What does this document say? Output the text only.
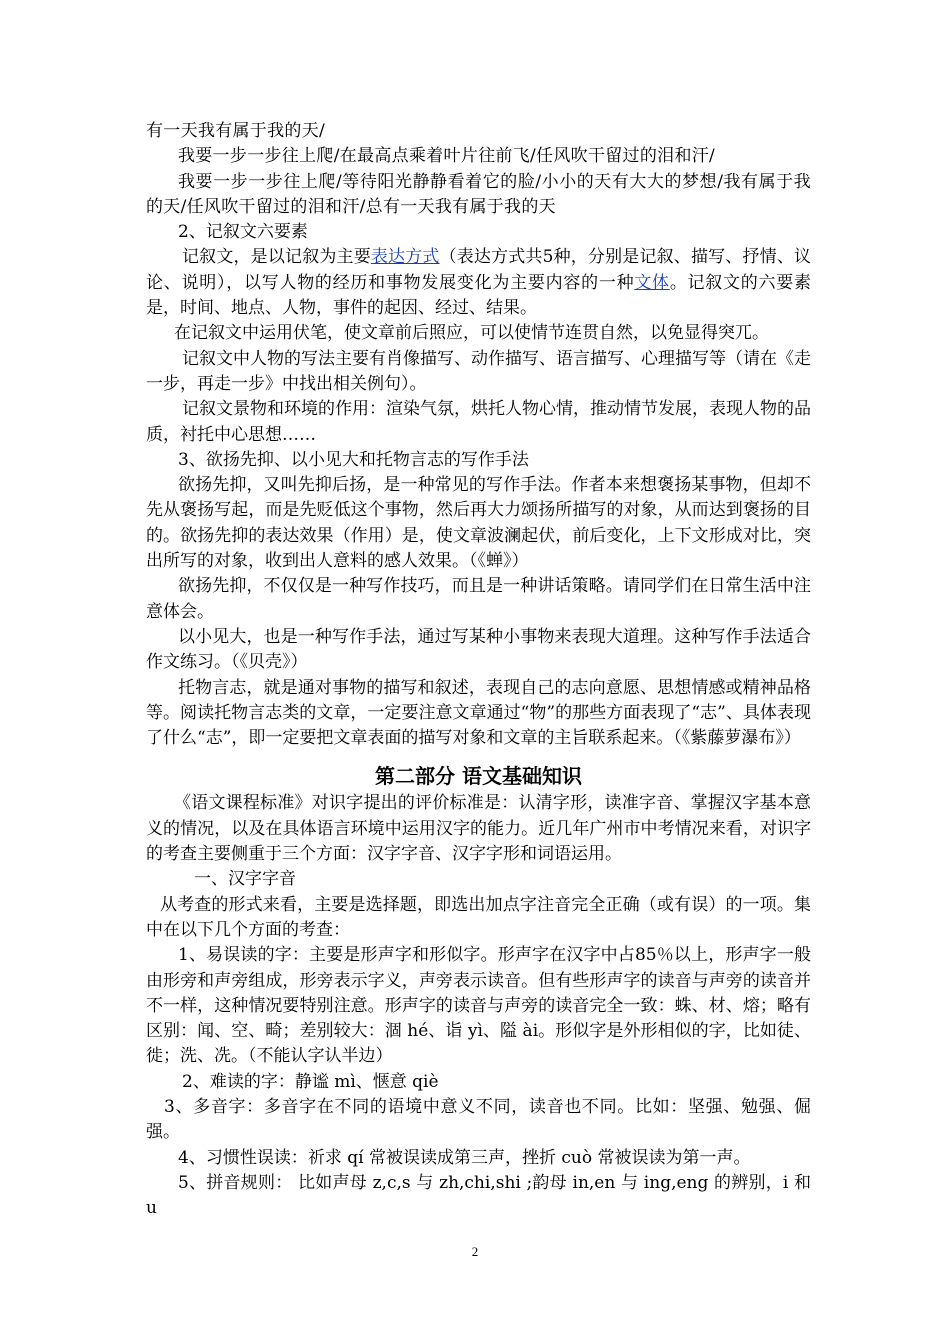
有一天我有属于我的天/

我要一步一步往上爬/在最高点乘着叶片往前飞/任风吹干留过的泪和汗/

我要一步一步往上爬/等待阳光静静看着它的脸/小小的天有大大的梦想/我有属于我的天/任风吹干留过的泪和汗/总有一天我有属于我的天

2、记叙文六要素

记叙文，是以记叙为主要表达方式（表达方式共5种，分别是记叙、描写、抒情、议论、说明），以写人物的经历和事物发展变化为主要内容的一种文体。记叙文的六要素是，时间、地点、人物，事件的起因、经过、结果。

在记叙文中运用伏笔，使文章前后照应，可以使情节连贯自然，以免显得突兀。

记叙文中人物的写法主要有肖像描写、动作描写、语言描写、心理描写等（请在《走一步，再走一步》中找出相关例句）。

记叙文景物和环境的作用：渲染气氛，烘托人物心情，推动情节发展，表现人物的品质，衬托中心思想……

3、欲扬先抑、以小见大和托物言志的写作手法

欲扬先抑，又叫先抑后扬，是一种常见的写作手法。作者本来想褒扬某事物，但却不先从褒扬写起，而是先贬低这个事物，然后再大力颂扬所描写的对象，从而达到褒扬的目的。欲扬先抑的表达效果（作用）是，使文章波澜起伏，前后变化，上下文形成对比，突出所写的对象，收到出人意料的感人效果。（《蝉》）

欲扬先抑，不仅仅是一种写作技巧，而且是一种讲话策略。请同学们在日常生活中注意体会。

以小见大，也是一种写作手法，通过写某种小事物来表现大道理。这种写作手法适合作文练习。（《贝壳》）

托物言志，就是通对事物的描写和叙述，表现自己的志向意愿、思想情感或精神品格等。阅读托物言志类的文章，一定要注意文章通过“物”的那些方面表现了“志”、具体表现了什么“志”，即一定要把文章表面的描写对象和文章的主旨联系起来。（《紫藤萝瀑布》）

第二部分 语文基础知识

《语文课程标准》对识字提出的评价标准是：认清字形，读准字音、掌握汉字基本意义的情况，以及在具体语言环境中运用汉字的能力。近几年广州市中考情况来看，对识字的考查主要侧重于三个方面：汉字字音、汉字字形和词语运用。

一、汉字字音

从考查的形式来看，主要是选择题，即选出加点字注音完全正确（或有误）的一项。集中在以下几个方面的考查：

1、易误读的字：主要是形声字和形似字。形声字在汉字中占85％以上，形声字一般由形旁和声旁组成，形旁表示字义，声旁表示读音。但有些形声字的读音与声旁的读音并不一样，这种情况要特别注意。形声字的读音与声旁的读音完全一致：蛛、材、熔；略有区别：闻、空、畸；差别较大：涸 hé、诣 yì、隘 ài。形似字是外形相似的字，比如徒、徙；洗、冼。（不能认字认半边）

2、难读的字：静谧 mì、惬意 qiè

3、多音字：多音字在不同的语境中意义不同，读音也不同。比如：坚强、勉强、倔强。

4、习惯性误读：祈求 qí 常被误读成第三声，挫折 cuò 常被误读为第一声。

5、拼音规则： 比如声母 z,c,s 与 zh,chi,shi ;韵母 in,en 与 ing,eng 的辨别，i 和 u

2
